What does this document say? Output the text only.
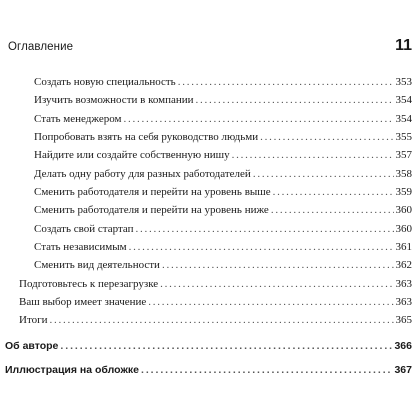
Оглавление	11
Создать новую специальность . . .	353
Изучить возможности в компании . . .	354
Стать менеджером . . .	354
Попробовать взять на себя руководство людьми . . .	355
Найдите или создайте собственную нишу . . .	357
Делать одну работу для разных работодателей . . .	358
Сменить работодателя и перейти на уровень выше . . .	359
Сменить работодателя и перейти на уровень ниже . . .	360
Создать свой стартап . . .	360
Стать независимым . . .	361
Сменить вид деятельности . . .	362
Подготовьтесь к перезагрузке . . .	363
Ваш выбор имеет значение . . .	363
Итоги . . .	365
Об авторе . . .	366
Иллюстрация на обложке . . .	367
